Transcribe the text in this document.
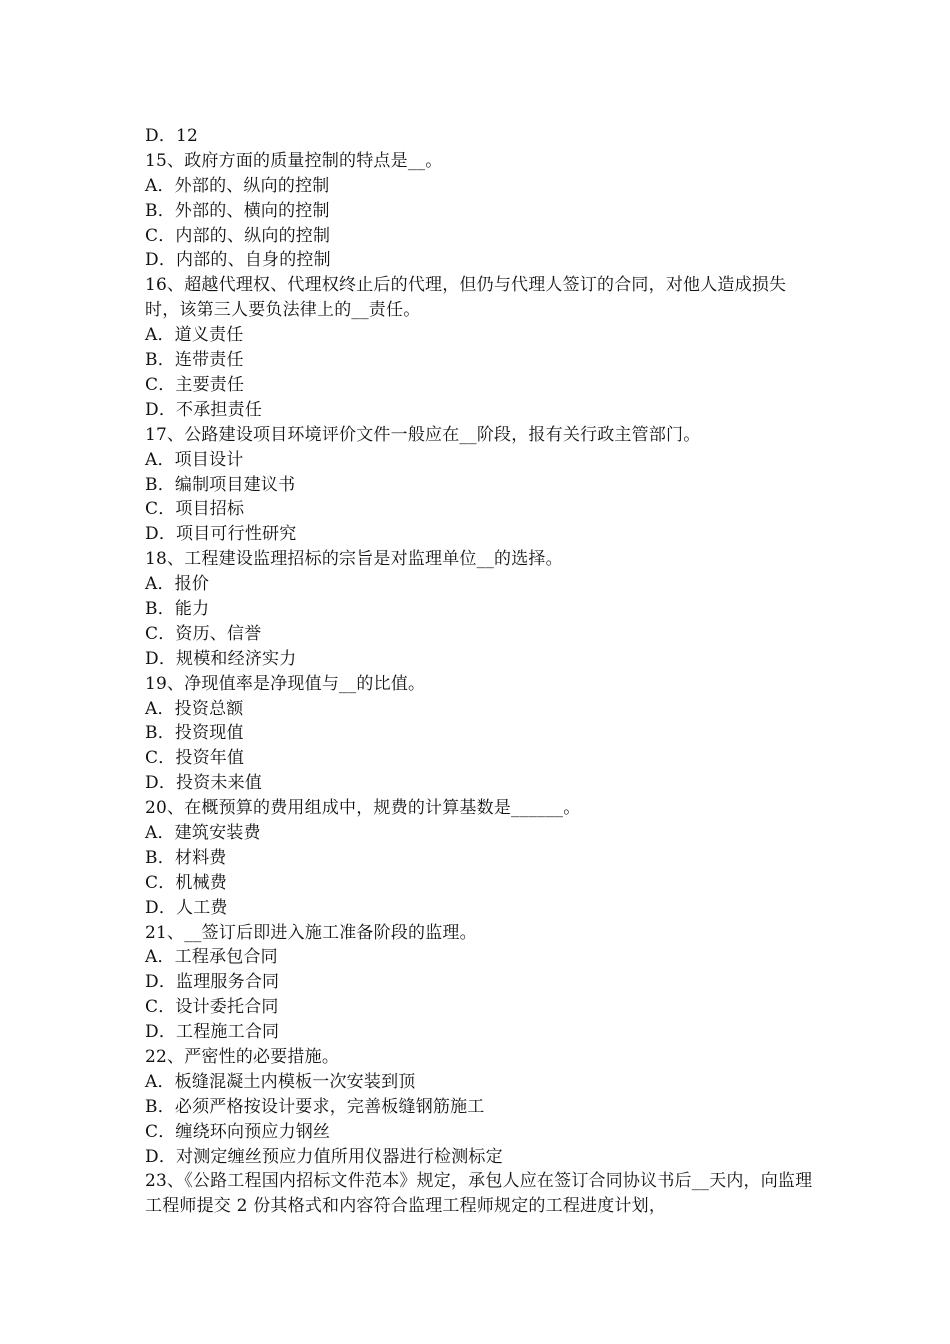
D．12
15、政府方面的质量控制的特点是__。
A．外部的、纵向的控制
B．外部的、横向的控制
C．内部的、纵向的控制
D．内部的、自身的控制
16、超越代理权、代理权终止后的代理，但仍与代理人签订的合同，对他人造成损失时，该第三人要负法律上的__责任。
A．道义责任
B．连带责任
C．主要责任
D．不承担责任
17、公路建设项目环境评价文件一般应在__阶段，报有关行政主管部门。
A．项目设计
B．编制项目建议书
C．项目招标
D．项目可行性研究
18、工程建设监理招标的宗旨是对监理单位__的选择。
A．报价
B．能力
C．资历、信誉
D．规模和经济实力
19、净现值率是净现值与__的比值。
A．投资总额
B．投资现值
C．投资年值
D．投资未来值
20、在概预算的费用组成中，规费的计算基数是______。
A．建筑安装费
B．材料费
C．机械费
D．人工费
21、__签订后即进入施工准备阶段的监理。
A．工程承包合同
D．监理服务合同
C．设计委托合同
D．工程施工合同
22、严密性的必要措施。
A．板缝混凝土内模板一次安装到顶
B．必须严格按设计要求，完善板缝钢筋施工
C．缠绕环向预应力钢丝
D．对测定缠丝预应力值所用仪器进行检测标定
23、《公路工程国内招标文件范本》规定，承包人应在签订合同协议书后__天内，向监理工程师提交 2 份其格式和内容符合监理工程师规定的工程进度计划，
